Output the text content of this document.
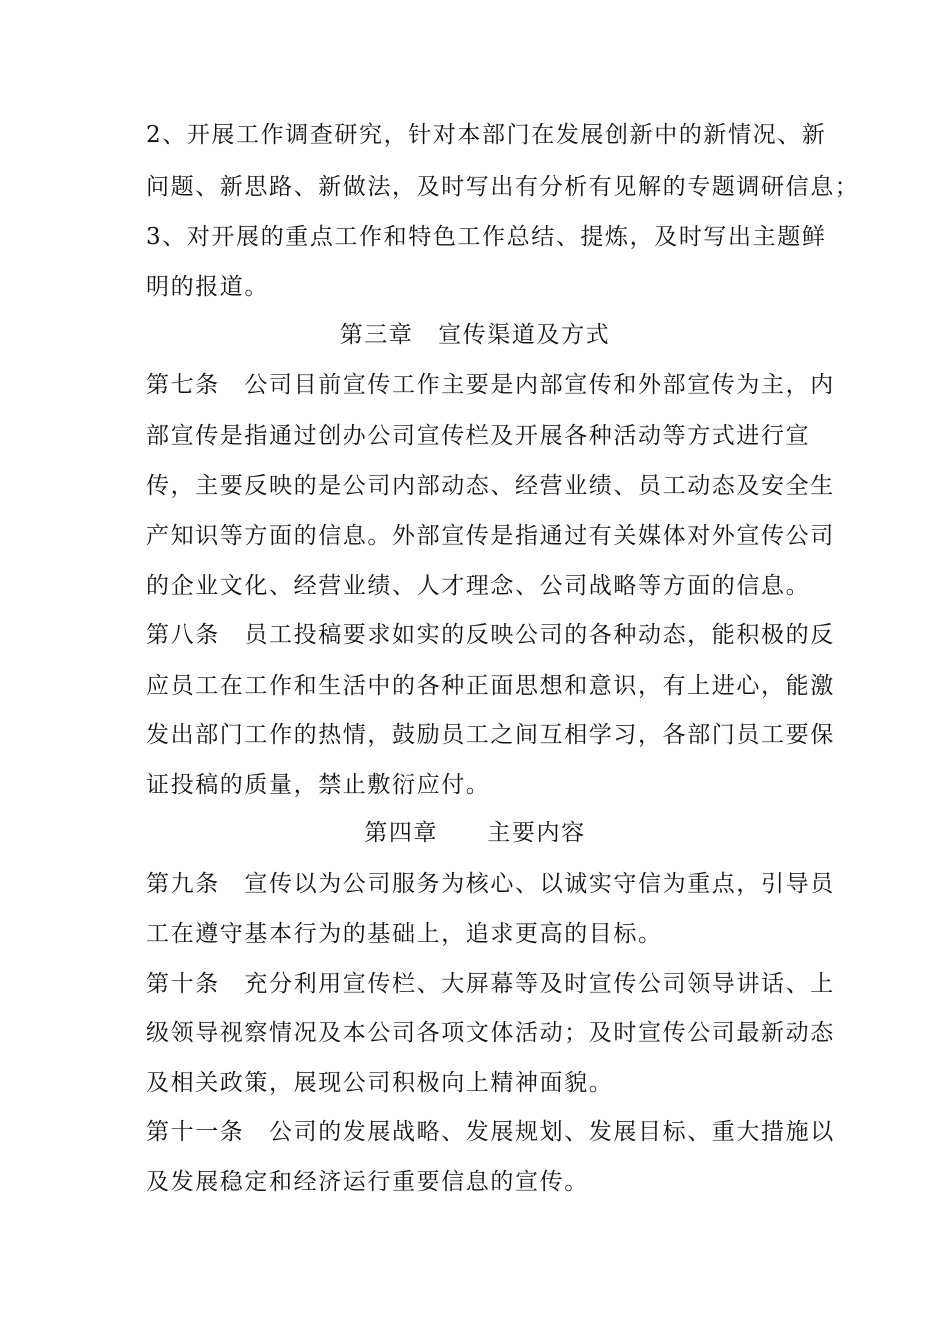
2、开展工作调查研究，针对本部门在发展创新中的新情况、新
问题、新思路、新做法，及时写出有分析有见解的专题调研信息；
3、对开展的重点工作和特色工作总结、提炼，及时写出主题鲜
明的报道。
第三章　宣传渠道及方式
第七条　公司目前宣传工作主要是内部宣传和外部宣传为主，内
部宣传是指通过创办公司宣传栏及开展各种活动等方式进行宣
传，主要反映的是公司内部动态、经营业绩、员工动态及安全生
产知识等方面的信息。外部宣传是指通过有关媒体对外宣传公司
的企业文化、经营业绩、人才理念、公司战略等方面的信息。
第八条　员工投稿要求如实的反映公司的各种动态，能积极的反
应员工在工作和生活中的各种正面思想和意识，有上进心，能激
发出部门工作的热情，鼓励员工之间互相学习，各部门员工要保
证投稿的质量，禁止敷衍应付。
第四章　　主要内容
第九条　宣传以为公司服务为核心、以诚实守信为重点，引导员
工在遵守基本行为的基础上，追求更高的目标。
第十条　充分利用宣传栏、大屏幕等及时宣传公司领导讲话、上
级领导视察情况及本公司各项文体活动；及时宣传公司最新动态
及相关政策，展现公司积极向上精神面貌。
第十一条　公司的发展战略、发展规划、发展目标、重大措施以
及发展稳定和经济运行重要信息的宣传。
